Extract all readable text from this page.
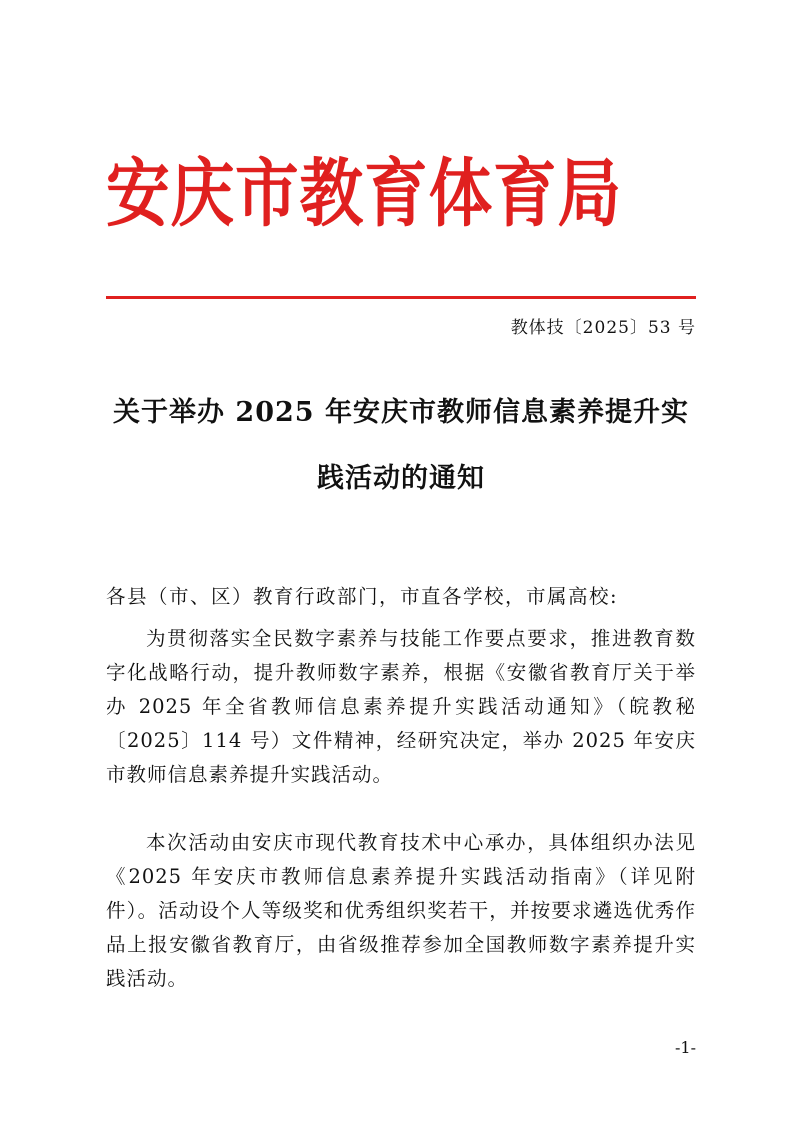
安庆市教育体育局
教体技〔2025〕53 号
关于举办 2025 年安庆市教师信息素养提升实
践活动的通知
各县（市、区）教育行政部门，市直各学校，市属高校:
为贯彻落实全民数字素养与技能工作要点要求，推进教育数字化战略行动，提升教师数字素养，根据《安徽省教育厅关于举办 2025 年全省教师信息素养提升实践活动通知》（皖教秘〔2025〕114 号）文件精神，经研究决定，举办 2025 年安庆市教师信息素养提升实践活动。
本次活动由安庆市现代教育技术中心承办，具体组织办法见《2025 年安庆市教师信息素养提升实践活动指南》（详见附件）。活动设个人等级奖和优秀组织奖若干，并按要求遴选优秀作品上报安徽省教育厅，由省级推荐参加全国教师数字素养提升实践活动。
-1-
